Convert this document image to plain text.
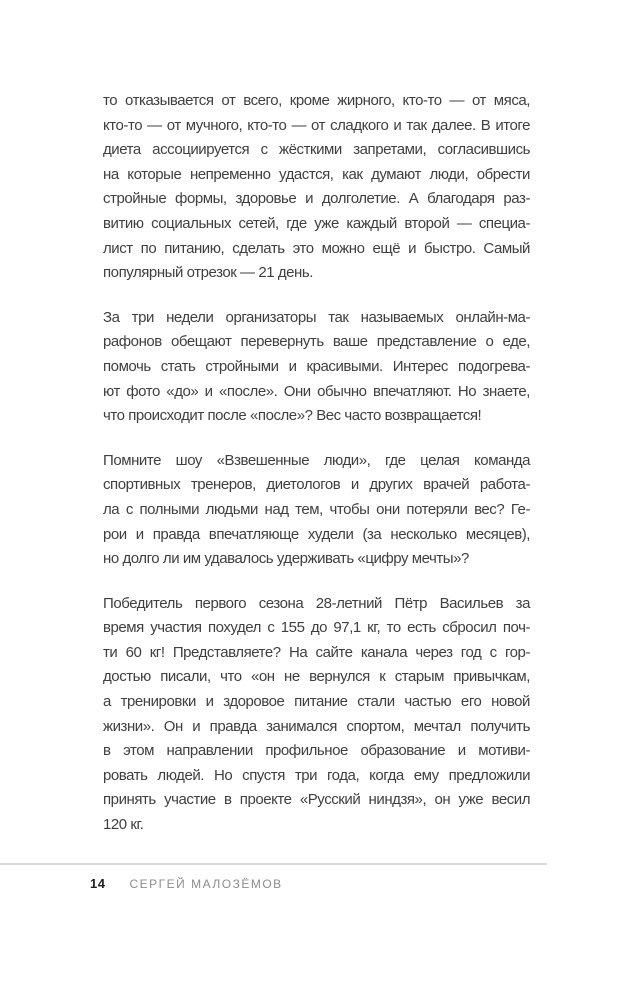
то отказывается от всего, кроме жирного, кто-то — от мяса,
кто-то — от мучного, кто-то — от сладкого и так далее. В итоге
диета ассоциируется с жёсткими запретами, согласившись
на которые непременно удастся, как думают люди, обрести
стройные формы, здоровье и долголетие. А благодаря раз-
витию социальных сетей, где уже каждый второй — специа-
лист по питанию, сделать это можно ещё и быстро. Самый
популярный отрезок — 21 день.

За три недели организаторы так называемых онлайн-ма-
рафонов обещают перевернуть ваше представление о еде,
помочь стать стройными и красивыми. Интерес подогрева-
ют фото «до» и «после». Они обычно впечатляют. Но знаете,
что происходит после «после»? Вес часто возвращается!

Помните шоу «Взвешенные люди», где целая команда
спортивных тренеров, диетологов и других врачей работа-
ла с полными людьми над тем, чтобы они потеряли вес? Ге-
рои и правда впечатляюще худели (за несколько месяцев),
но долго ли им удавалось удерживать «цифру мечты»?

Победитель первого сезона 28-летний Пётр Васильев за
время участия похудел с 155 до 97,1 кг, то есть сбросил поч-
ти 60 кг! Представляете? На сайте канала через год с гор-
достью писали, что «он не вернулся к старым привычкам,
а тренировки и здоровое питание стали частью его новой
жизни». Он и правда занимался спортом, мечтал получить
в этом направлении профильное образование и мотиви-
ровать людей. Но спустя три года, когда ему предложили
принять участие в проекте «Русский ниндзя», он уже весил
120 кг.

14 СЕРГЕЙ МАЛОЗЁМОВ
